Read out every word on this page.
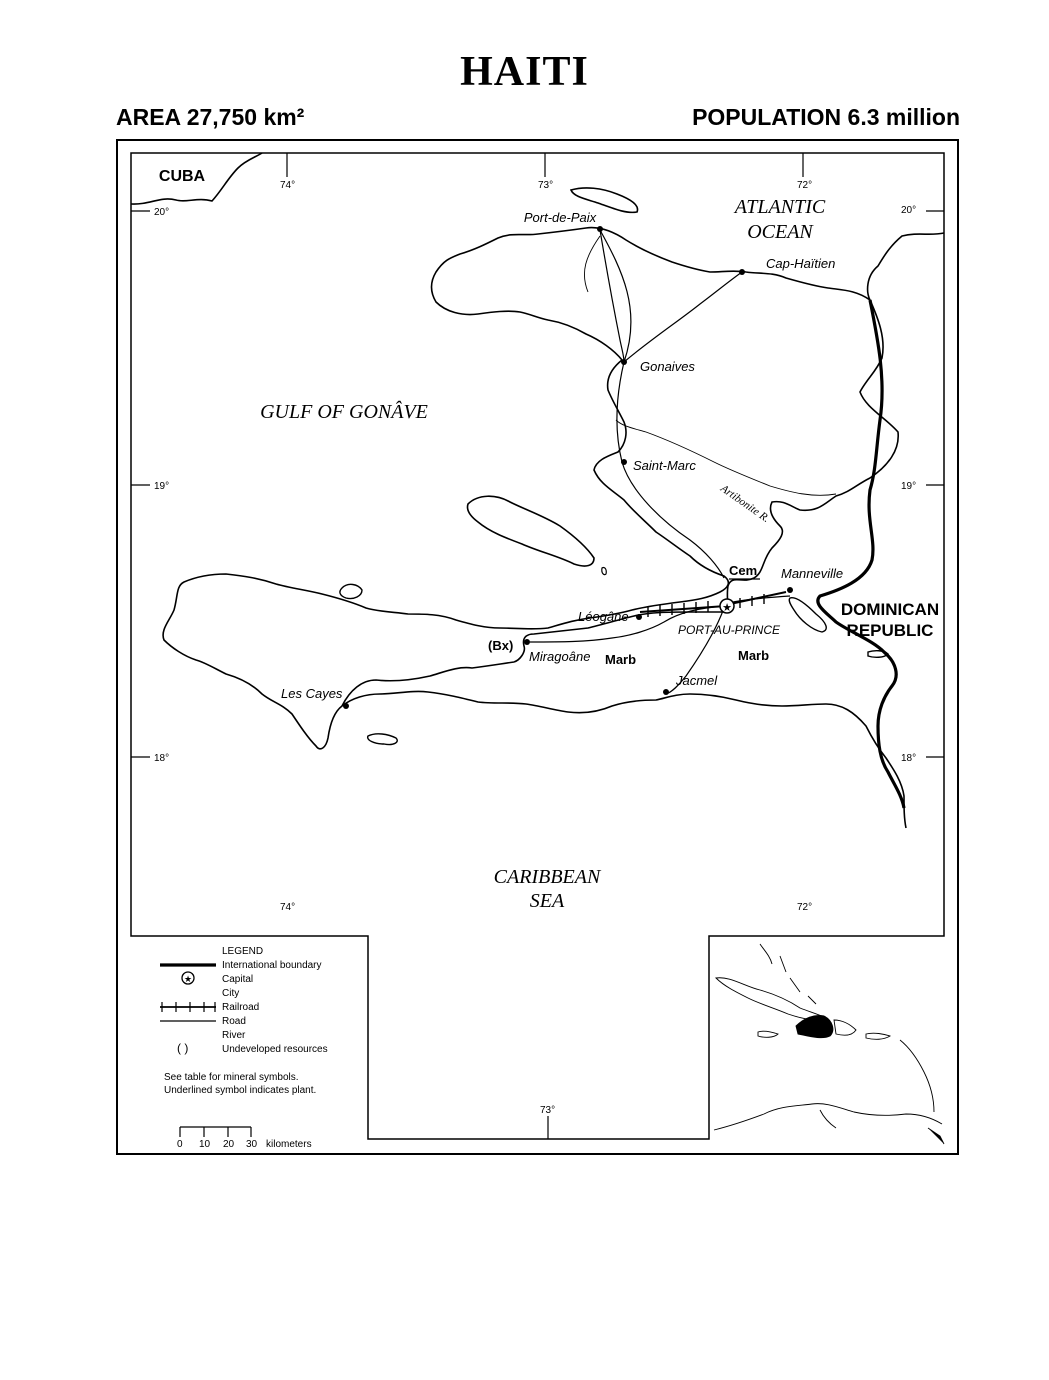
HAITI
AREA 27,750 km²	POPULATION 6.3 million
★
ATLANTIC
OCEAN
GULF OF GONÂVE
CARIBBEAN
SEA
CUBA
DOMINICAN
REPUBLIC
Port-de-Paix
Cap-Haïtien
Gonaives
Saint-Marc
Manneville
Léogâne
PORT-AU-PRINCE
Miragoâne
Jacmel
Les Cayes
Artibonite R.
Cem
Marb	Marb
(Bx)
74°	73°	72°
20°	20°
19°	19°
18°	18°
74°	72°
73°
LEGEND
International boundary
★	Capital
City
Railroad
Road
River
( )	Undeveloped resources
See table for mineral symbols.
Underlined symbol indicates plant.
0 10 20 30 kilometers
